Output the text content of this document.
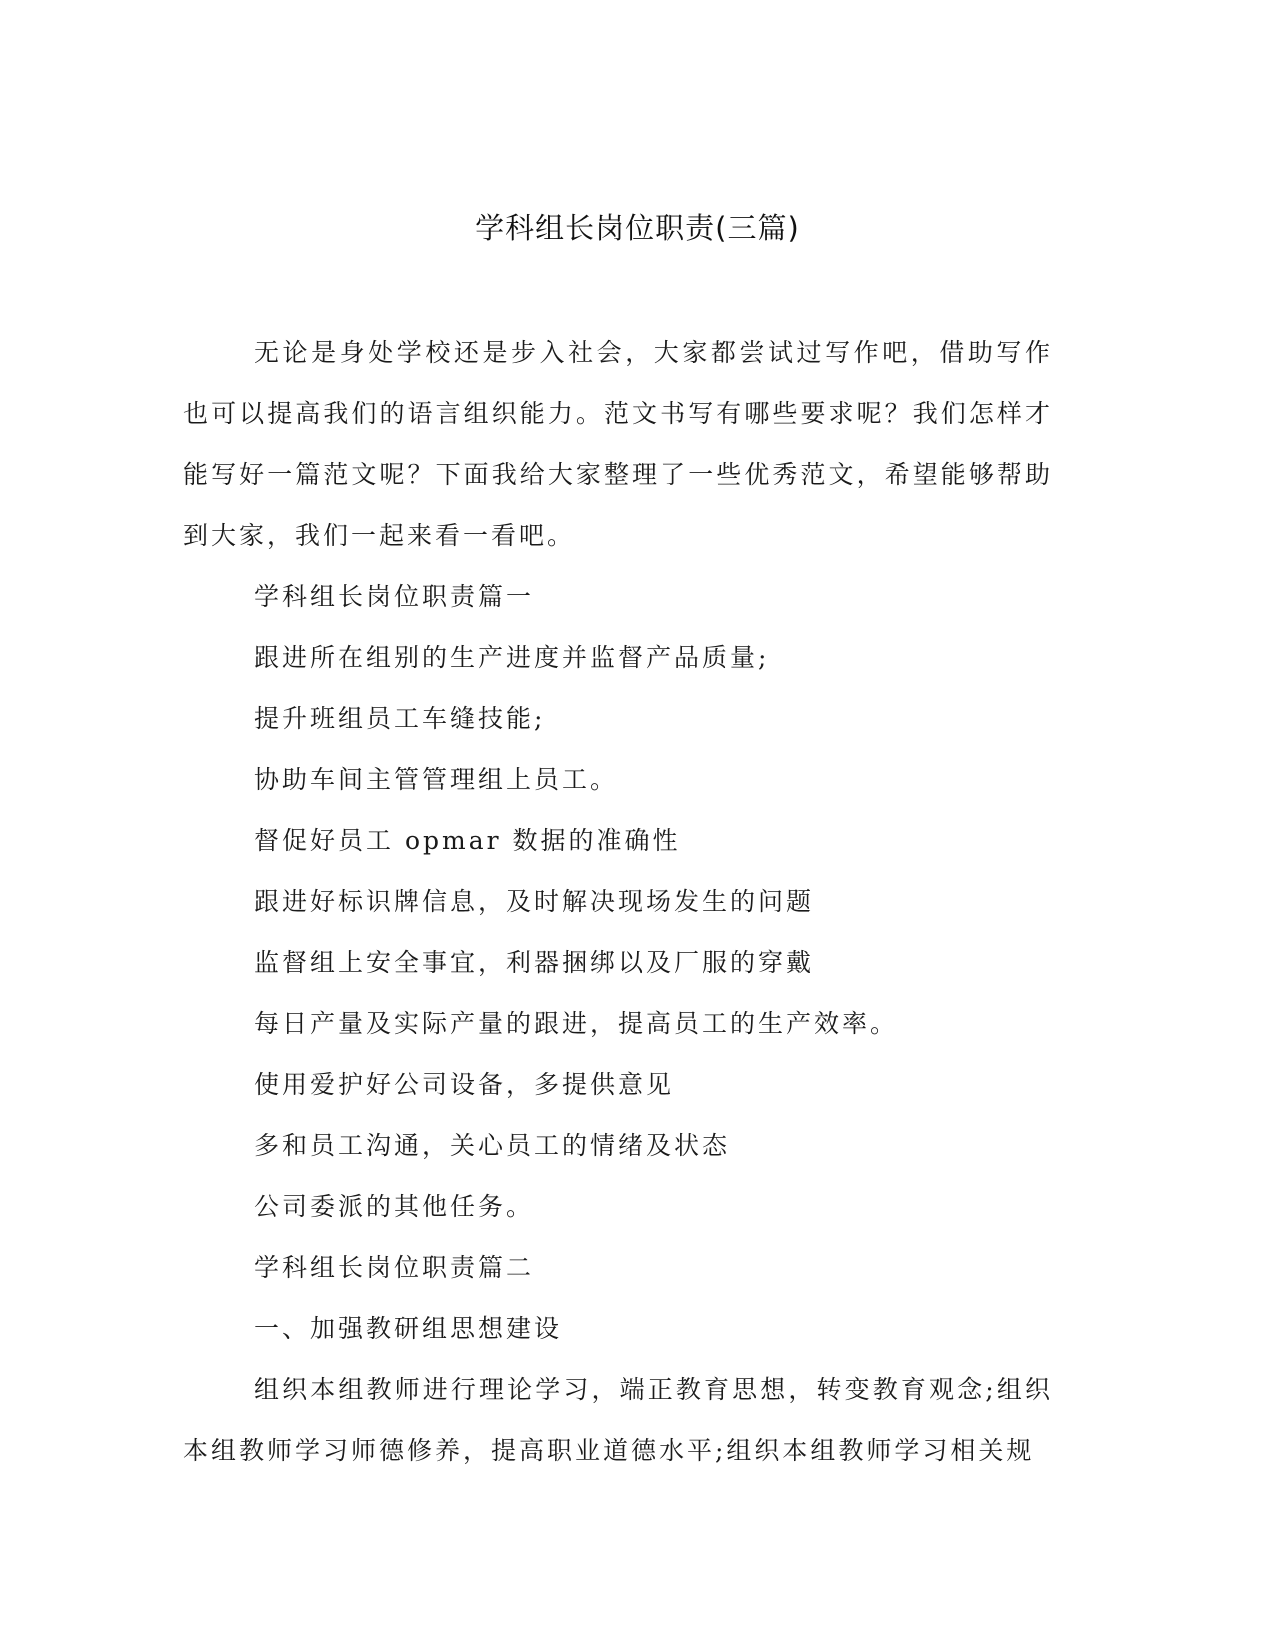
学科组长岗位职责(三篇)

无论是身处学校还是步入社会，大家都尝试过写作吧，借助写作也可以提高我们的语言组织能力。范文书写有哪些要求呢？我们怎样才能写好一篇范文呢？下面我给大家整理了一些优秀范文，希望能够帮助到大家，我们一起来看一看吧。

学科组长岗位职责篇一

跟进所在组别的生产进度并监督产品质量;

提升班组员工车缝技能;

协助车间主管管理组上员工。

督促好员工 opmar 数据的准确性

跟进好标识牌信息，及时解决现场发生的问题

监督组上安全事宜，利器捆绑以及厂服的穿戴

每日产量及实际产量的跟进，提高员工的生产效率。

使用爱护好公司设备，多提供意见

多和员工沟通，关心员工的情绪及状态

公司委派的其他任务。

学科组长岗位职责篇二

一、加强教研组思想建设

组织本组教师进行理论学习，端正教育思想，转变教育观念;组织本组教师学习师德修养，提高职业道德水平;组织本组教师学习相关规
